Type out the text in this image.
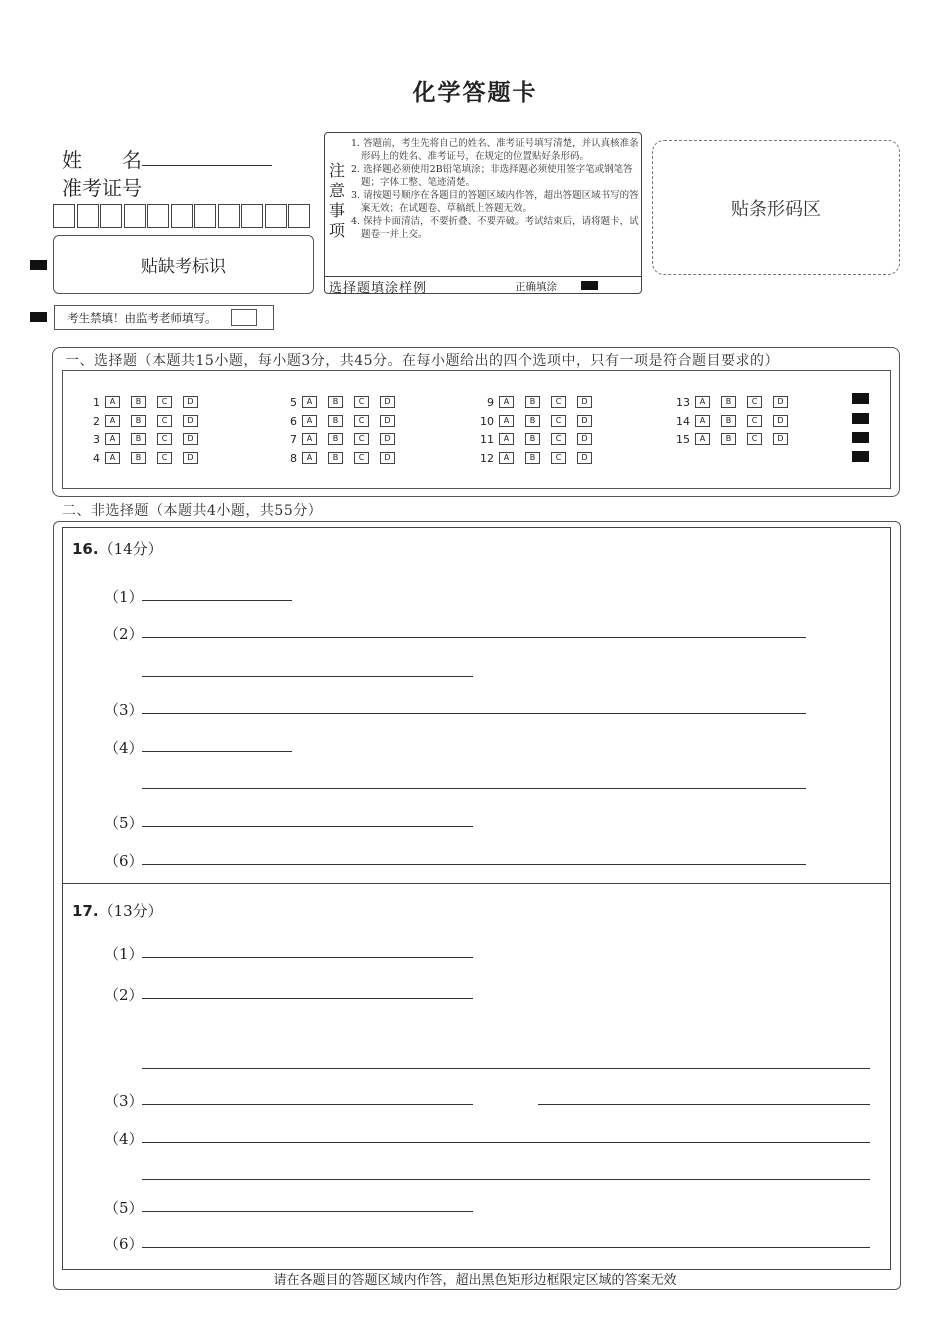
化学答题卡
姓　　名
准考证号
贴缺考标识
考生禁填！由监考老师填写。
注
意
事
项
1. 答题前，考生先将自己的姓名、准考证号填写清楚，并认真核准条形码上的姓名、准考证号，在规定的位置贴好条形码。
2. 选择题必须使用2B铅笔填涂；非选择题必须使用签字笔或钢笔答题；字体工整、笔迹清楚。
3. 请按题号顺序在各题目的答题区域内作答，超出答题区域书写的答案无效；在试题卷、草稿纸上答题无效。
4. 保持卡面清洁，不要折叠、不要弄破。考试结束后，请将题卡，试题卷一并上交。
选择题填涂样例	正确填涂
贴条形码区
一、选择题（本题共15小题，每小题3分，共45分。在每小题给出的四个选项中，只有一项是符合题目要求的）
1	A	B	C	D
2	A	B	C	D
3	A	B	C	D
4	A	B	C	D
5	A	B	C	D
6	A	B	C	D
7	A	B	C	D
8	A	B	C	D
9	A	B	C	D
10	A	B	C	D
11	A	B	C	D
12	A	B	C	D
13	A	B	C	D
14	A	B	C	D
15	A	B	C	D
二、非选择题（本题共4小题，共55分）
16.（14分）
（1）
（2）
（3）
（4）
（5）
（6）
17.（13分）
（1）
（2）
（3）
（4）
（5）
（6）
请在各题目的答题区域内作答，超出黑色矩形边框限定区域的答案无效
